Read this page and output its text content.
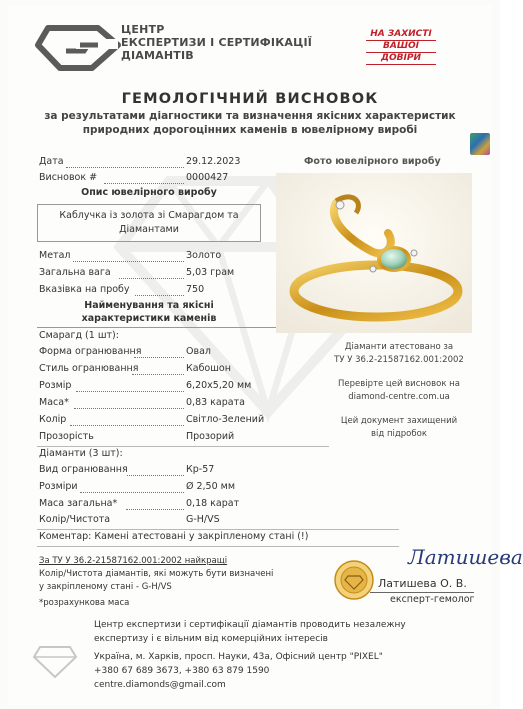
ЦЕНТР
ЕКСПЕРТИЗИ І СЕРТИФІКАЦІЇ
ДІАМАНТІВ
НА ЗАХИСТІ
ВАШОЇ
ДОВІРИ
ГЕМОЛОГІЧНИЙ ВИСНОВОК
за результатами діагностики та визначення якісних характеристик
природних дорогоцінних каменів в ювелірному виробі
Дата	29.12.2023
Висновок #	0000427
Опис ювелірного виробу
Каблучка із золота зі Смарагдом та
Діамантами
Метал	Золото
Загальна вага	5,03 грам
Вказівка на пробу	750
Найменування та якісні
характеристики каменів
Смарагд (1 шт):
Форма огранювання	Овал
Стиль огранювання	Кабошон
Розмір	6,20x5,20 мм
Маса*	0,83 карата
Колір	Світло-Зелений
Прозорість	Прозорий
Діаманти (3 шт):
Вид огранювання	Кр-57
Розміри	Ø 2,50 мм
Маса загальна*	0,18 карат
Колір/Чистота	G-H/VS
Коментар: Камені атестовані у закріпленому стані (!)
За ТУ У 36.2-21587162.001:2002 найкращі
Колір/Чистота діамантів, які можуть бути визначені
у закріпленому стані - G-H/VS
*розрахункова маса
Фото ювелірного виробу
Діаманти атестовано за
ТУ У 36.2-21587162.001:2002
Перевірте цей висновок на
diamond-centre.com.ua
Цей документ захищений
від підробок
Латишева
Латишева О. В.
експерт-гемолог
Центр експертизи і сертифікації діамантів проводить незалежну
експертизу і є вільним від комерційних інтересів
Україна, м. Харків, просп. Науки, 43а, Офісний центр "PIXEL"
+380 67 689 3673, +380 63 879 1590
centre.diamonds@gmail.com
